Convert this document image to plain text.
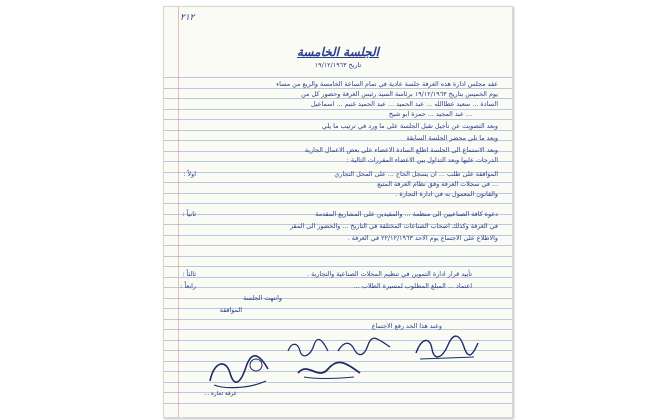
٢١٢
الجلسة الخامسة
تاريخ ١٩/١٢/١٩٦٣
عقد مجلس ادارة هذه الغرفة جلسة عادية في تمام الساعة الخامسة والربع من مساء
يوم الخميس بتاريخ ١٩/١٢/١٩٦٣ برئاسة السيد رئيس الغرفة وحضور كل من
السادة ... سعيد عطاالله ... عبد الحميد ... عبد الحميد غنيم ... اسماعيل
... عبد المجيد ... حمزة ابو شيخ
وبعد التصويت عن تأجيل تقبل الجلسة على ما ورد في ترتيب ما يلي
وبعد ما تلي محضر الجلسة السابقة
وبعد الاستماع الى الجلسة اطلع السادة الاعضاء على بعض الاعمال الجارية
الدرجات عليها وبعد التداول بين الاعضاء المقررات التالية :
اولاً :	الموافقة على طلب ... ان يسجل الحاج ... على المحل التجاري
... في سجلات الغرفة وفق نظام الغرفة المتبع
والقانون المعمول به في ادارة التجارة .
ثانياً :	دعوة كافة الصناعيين الى منظمة ... والمقيدين على المشاريع المقدمة
في الغرفة وكذلك اصحاب الصناعات المختلفة في التاريخ ... والحضور الى المقر
والاطلاع على الاجتماع يوم الاحد ٢٢/١٢/١٩٦٣ في الغرفة .
ثالثاً :	تأييد قرار ادارة التموين في تنظيم المحلات الصناعية والتجارية .
رابعاً :	اعتماد ... المبلغ المطلوب لمسيرة الطلاب ...
وانتهت الجلسة
الموافقة
وعند هذا الحد رفع الاجتماع
غرفة تجارة ...
